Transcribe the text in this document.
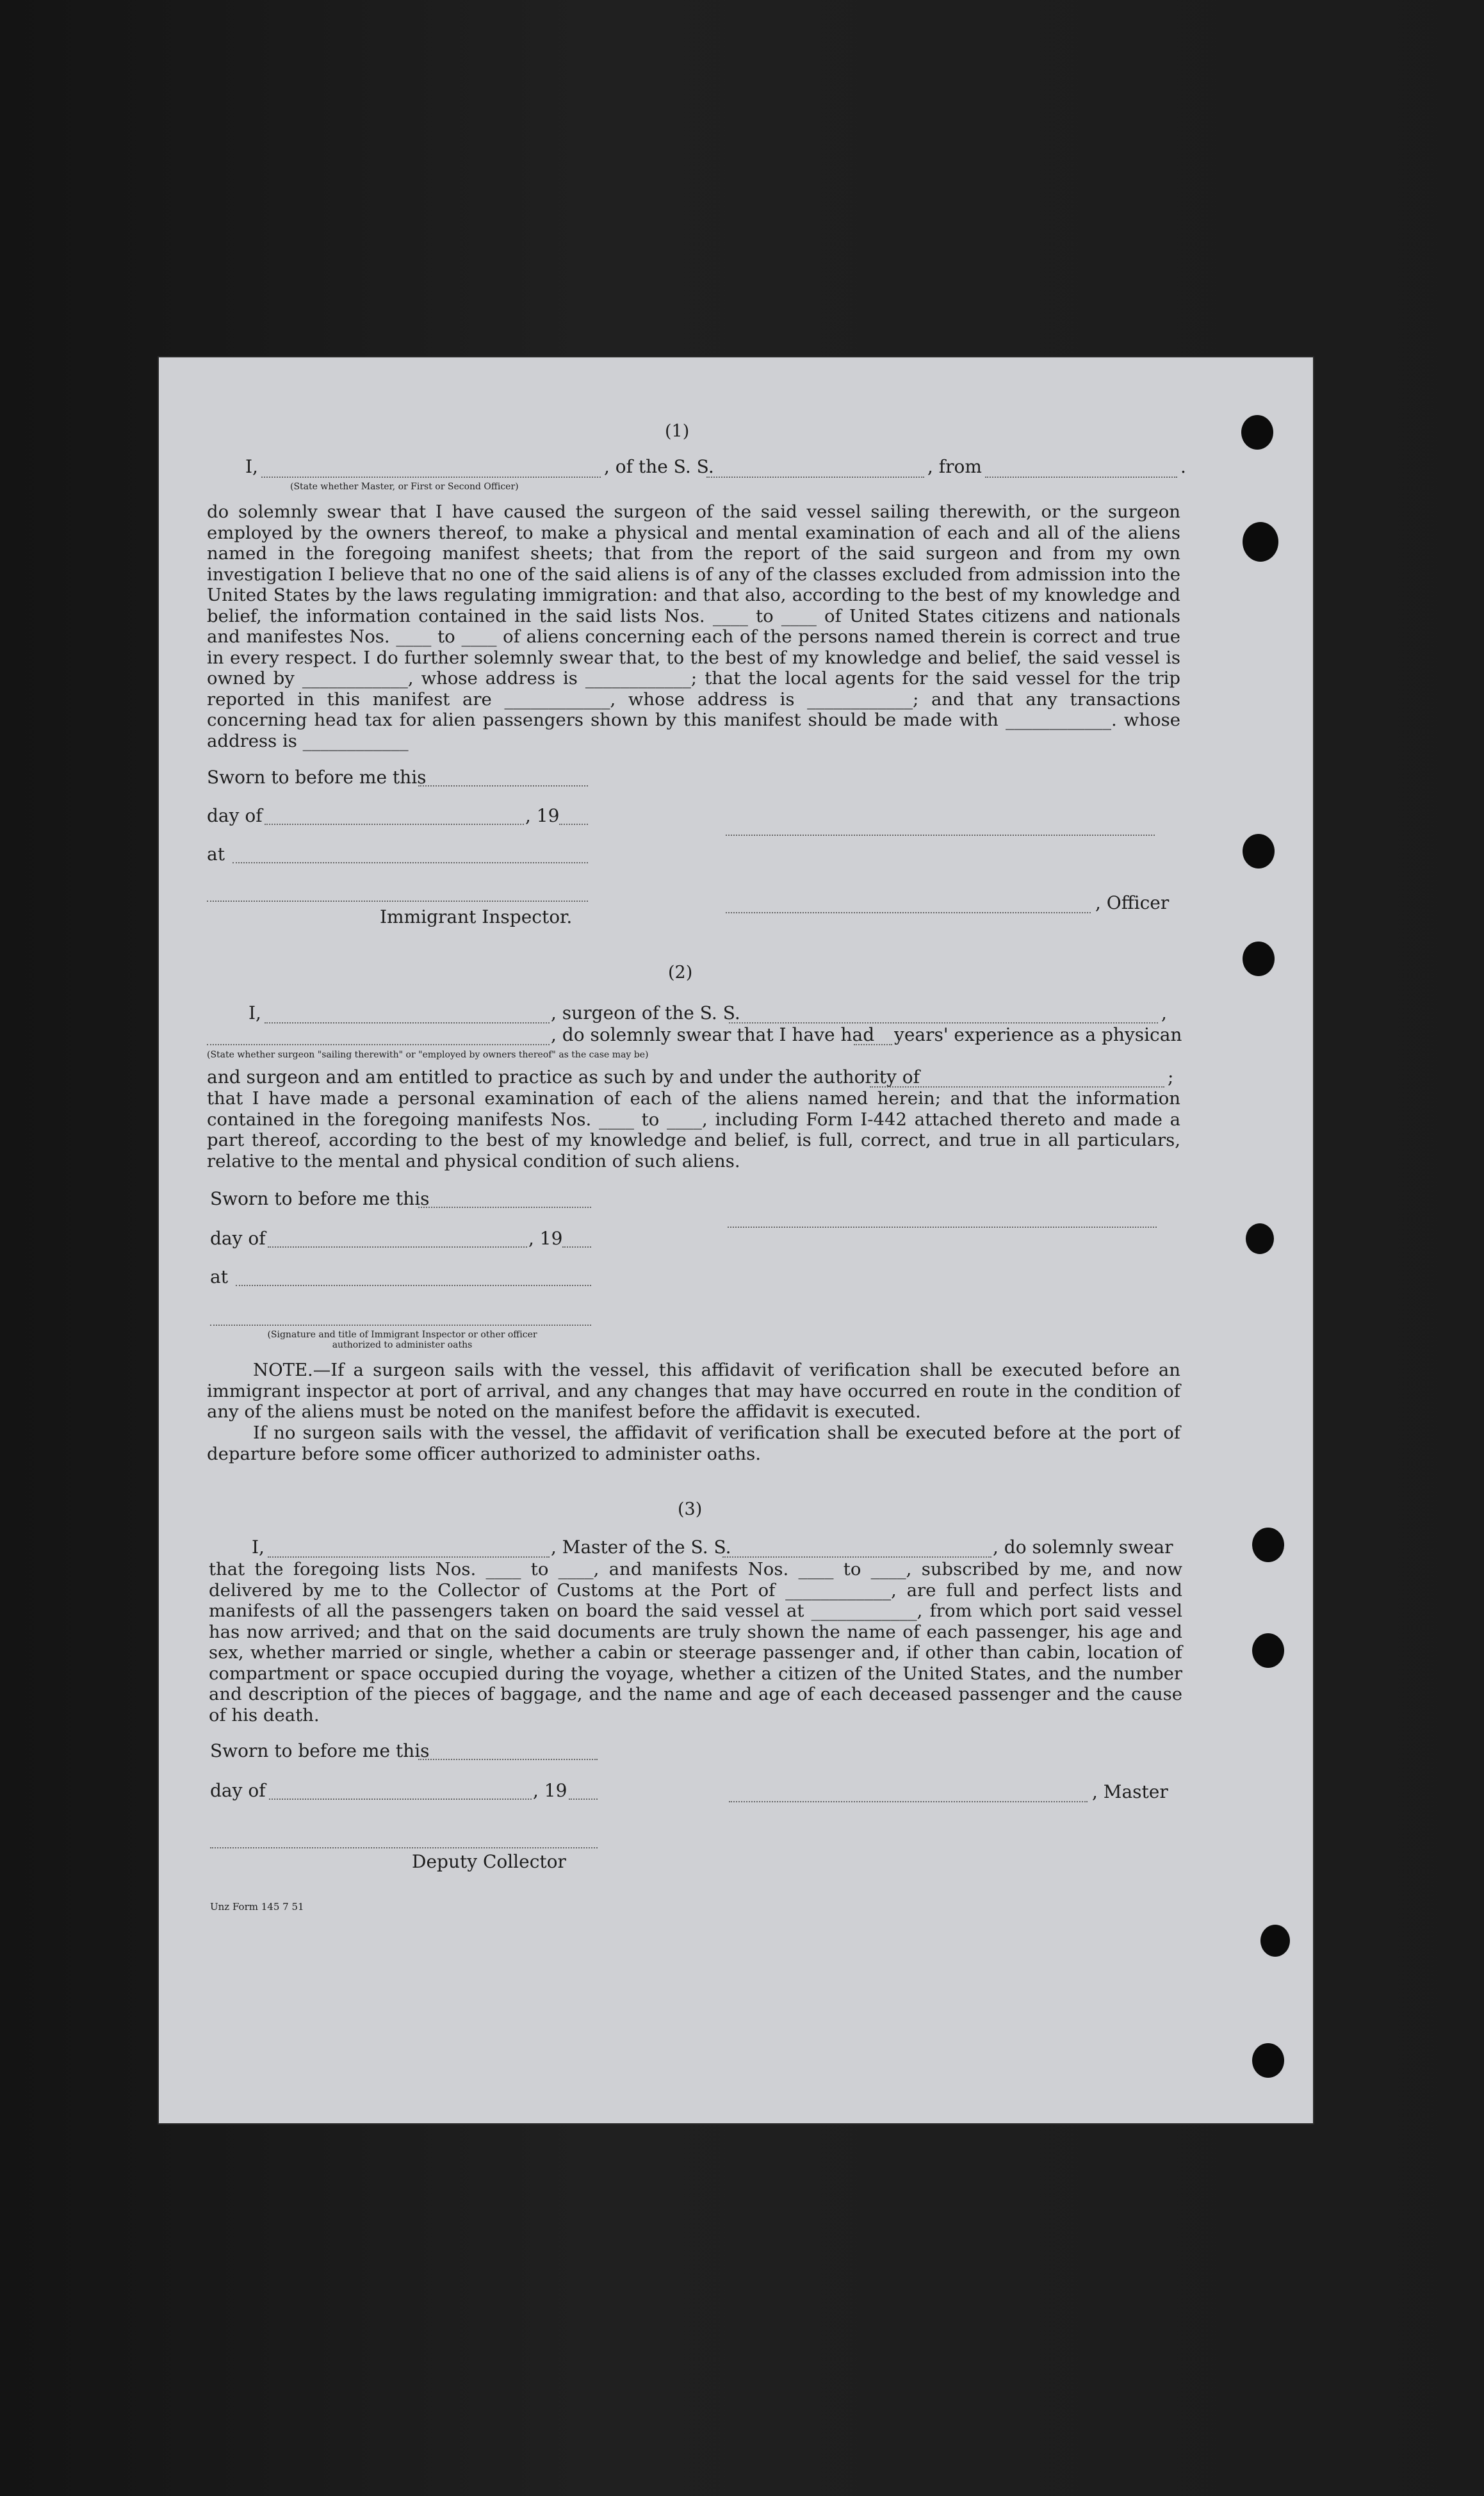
(1)
I,	, of the S. S.	, from	.
(State whether Master, or First or Second Officer)
do solemnly swear that I have caused the surgeon of the said vessel sailing therewith, or the surgeon employed by the owners thereof, to make a physical and mental examination of each and all of the aliens named in the foregoing manifest sheets; that from the report of the said surgeon and from my own investigation I believe that no one of the said aliens is of any of the classes excluded from admission into the United States by the laws regulating immigration: and that also, according to the best of my knowledge and belief, the information contained in the said lists Nos. ____ to ____ of United States citizens and nationals and manifestes Nos. ____ to ____ of aliens concerning each of the persons named therein is correct and true in every respect. I do further solemnly swear that, to the best of my knowledge and belief, the said vessel is owned by ____________, whose address is ____________; that the local agents for the said vessel for the trip reported in this manifest are ____________, whose address is ____________; and that any transactions concerning head tax for alien passengers shown by this manifest should be made with ____________. whose address is ____________
Sworn to before me this
day of	, 19
at
Immigrant Inspector.
, Officer
(2)
I,	, surgeon of the S. S.	,
, do solemnly swear that I have had years' experience as a physican
(State whether surgeon "sailing therewith" or "employed by owners thereof" as the case may be)
and surgeon and am entitled to practice as such by and under the authority of	;
that I have made a personal examination of each of the aliens named herein; and that the information contained in the foregoing manifests Nos. ____ to ____, including Form I-442 attached thereto and made a part thereof, according to the best of my knowledge and belief, is full, correct, and true in all particulars, relative to the mental and physical condition of such aliens.
Sworn to before me this
day of	, 19
at
(Signature and title of Immigrant Inspector or other officer authorized to administer oaths
NOTE.—If a surgeon sails with the vessel, this affidavit of verification shall be executed before an immigrant inspector at port of arrival, and any changes that may have occurred en route in the condition of any of the aliens must be noted on the manifest before the affidavit is executed.
If no surgeon sails with the vessel, the affidavit of verification shall be executed before at the port of departure before some officer authorized to administer oaths.
(3)
I,	, Master of the S. S.	, do solemnly swear
that the foregoing lists Nos. ____ to ____, and manifests Nos. ____ to ____, subscribed by me, and now delivered by me to the Collector of Customs at the Port of ____________, are full and perfect lists and manifests of all the passengers taken on board the said vessel at ____________, from which port said vessel has now arrived; and that on the said documents are truly shown the name of each passenger, his age and sex, whether married or single, whether a cabin or steerage passenger and, if other than cabin, location of compartment or space occupied during the voyage, whether a citizen of the United States, and the number and description of the pieces of baggage, and the name and age of each deceased passenger and the cause of his death.
Sworn to before me this
day of	, 19	, Master
Deputy Collector
Unz Form 145 7 51
